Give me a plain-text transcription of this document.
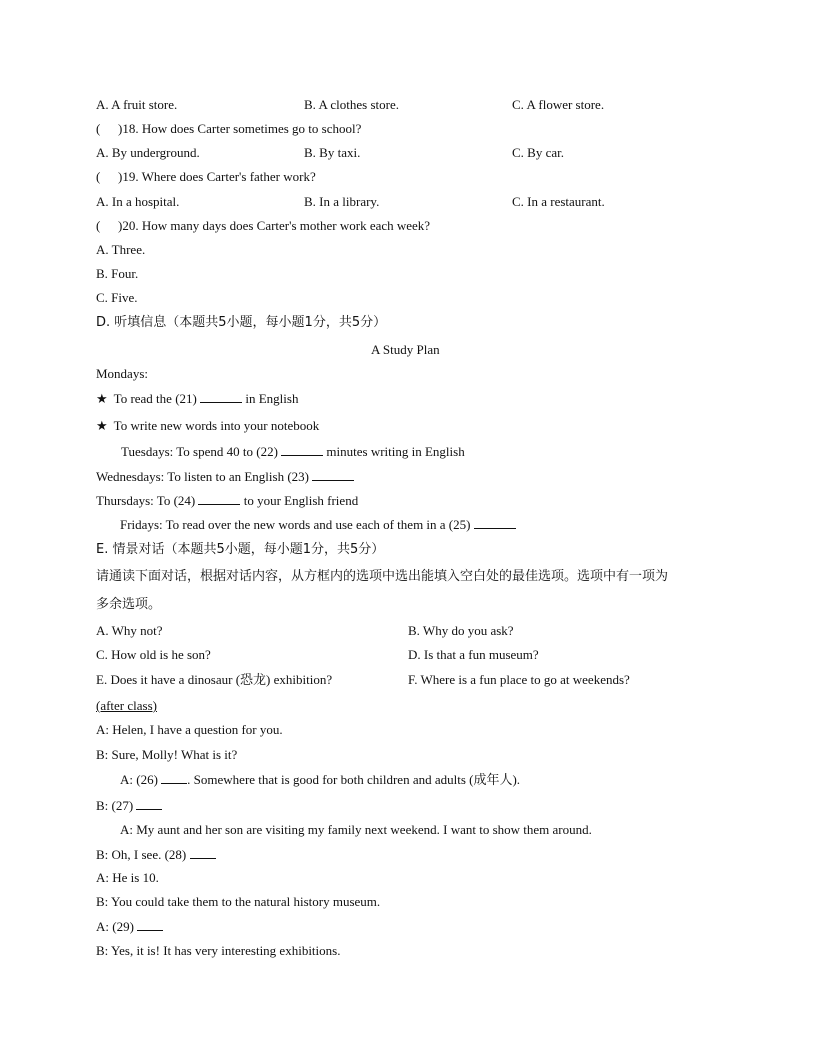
A. A fruit store.	B. A clothes store.	C. A flower store.
( )18. How does Carter sometimes go to school?
A. By underground.	B. By taxi.	C. By car.
( )19. Where does Carter's father work?
A. In a hospital.	B. In a library.	C. In a restaurant.
( )20. How many days does Carter's mother work each week?
A. Three.
B. Four.
C. Five.
D. 听填信息（本题共5小题，每小题1分，共5分）
A Study Plan
Mondays:
★ To read the (21)	in English
★ To write new words into your notebook
Tuesdays: To spend 40 to (22)	minutes writing in English
Wednesdays: To listen to an English (23)
Thursdays: To (24)	to your English friend
Fridays: To read over the new words and use each of them in a (25)
E. 情景对话（本题共5小题，每小题1分，共5分）
请通读下面对话，根据对话内容，从方框内的选项中选出能填入空白处的最佳选项。选项中有一项为
多余选项。
A. Why not?	B. Why do you ask?
C. How old is he son?	D. Is that a fun museum?
E. Does it have a dinosaur (恐龙) exhibition?	F. Where is a fun place to go at weekends?
(after class)
A: Helen, I have a question for you.
B: Sure, Molly! What is it?
A: (26) . Somewhere that is good for both children and adults (成年人).
B: (27)
A: My aunt and her son are visiting my family next weekend. I want to show them around.
B: Oh, I see. (28)
A: He is 10.
B: You could take them to the natural history museum.
A: (29)
B: Yes, it is! It has very interesting exhibitions.
